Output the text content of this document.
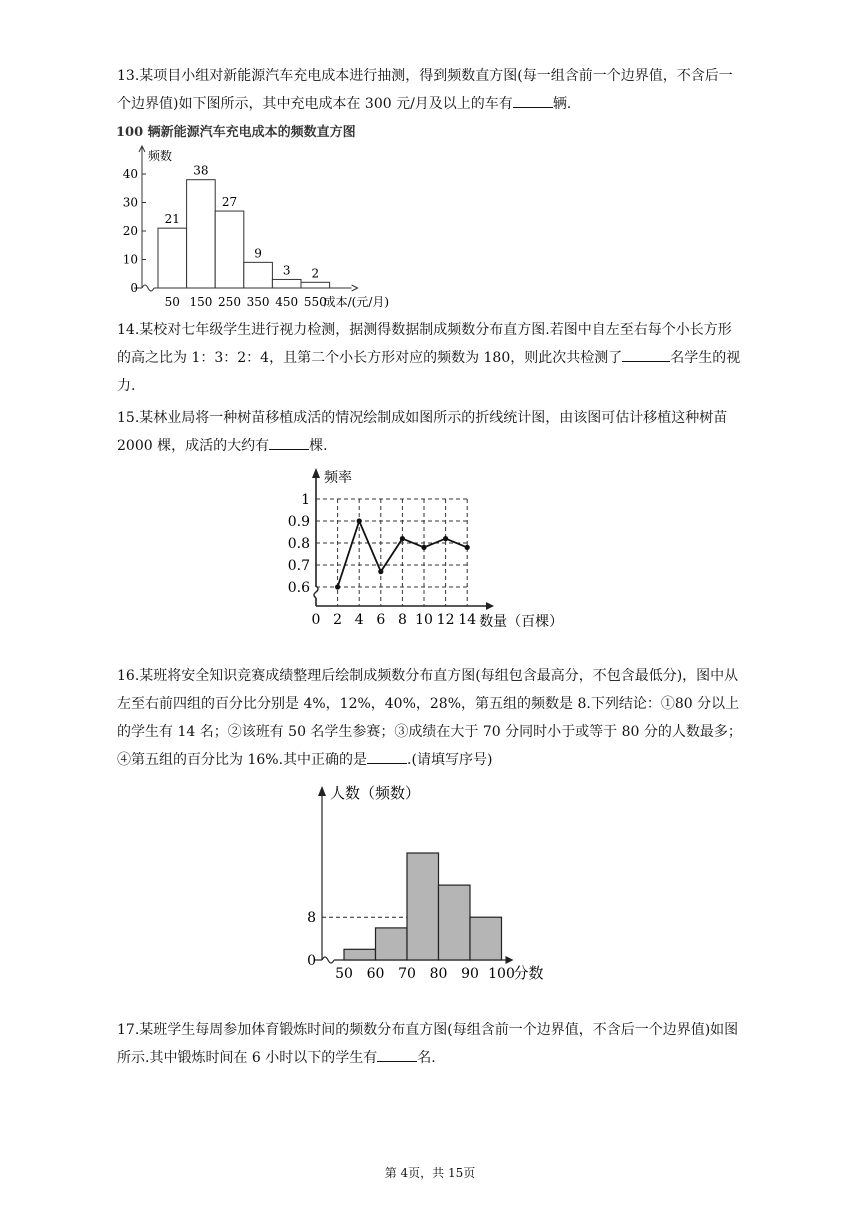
13.某项目小组对新能源汽车充电成本进行抽测，得到频数直方图(每一组含前一个边界值，不含后一个边界值)如下图所示，其中充电成本在 300 元/月及以上的车有	辆.
100 辆新能源汽车充电成本的频数直方图
频数
0
10
20
30
40
21
38
27
9
3 2
50 150 250 350 450 550
成本/(元/月)
14.某校对七年级学生进行视力检测，据测得数据制成频数分布直方图.若图中自左至右每个小长方形的高之比为 1：3：2：4，且第二个小长方形对应的频数为 180，则此次共检测了	名学生的视力.
15.某林业局将一种树苗移植成活的情况绘制成如图所示的折线统计图，由该图可估计移植这种树苗 2000 棵，成活的大约有	棵.
频率
0.6
0.7
0.8
0.9
1
0 2 4 6 8 10 12 14 数量（百棵）
16.某班将安全知识竞赛成绩整理后绘制成频数分布直方图(每组包含最高分，不包含最低分)，图中从左至右前四组的百分比分别是 4%，12%，40%，28%，第五组的频数是 8.下列结论：①80 分以上的学生有 14 名；②该班有 50 名学生参赛；③成绩在大于 70 分同时小于或等于 80 分的人数最多；④第五组的百分比为 16%.其中正确的是	.(请填写序号)
人数（频数）
0
8
50 60 70 80 90 100
分数
17.某班学生每周参加体育锻炼时间的频数分布直方图(每组含前一个边界值，不含后一个边界值)如图所示.其中锻炼时间在 6 小时以下的学生有	名.
第 4页，共 15页
